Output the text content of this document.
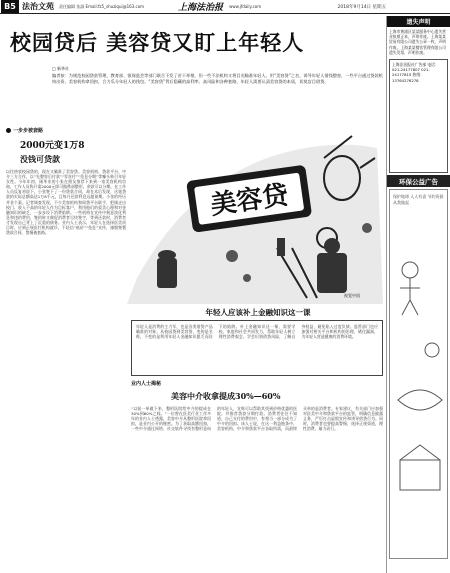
B5 法治文苑 责任编辑 张淑 Email:fz5_shuziqui@163.com	上海法治报 www.jfdaily.com	2018年9月14日 星期五
校园贷后 美容贷又盯上年轻人
□ 新华社
编者按：为规范校园贷款管理，教育部、银保监会等部门联合下发了若干举措，但一些不法机构又将目光瞄准年轻人，用“美容贷”之名，诱导年轻人借钱整容，一些平台通过贷款机构出资，美容机构拿回扣，合力瓜分年轻人的钱包。“美容贷”背后隐藏的高利率、高风险和各种套路，年轻人需要认清美容贷的本质，切莫盲目借贷。
一步步被套路
2000元变1万8
没钱可贷款
以往热衷校园贷的，现在又瞄准了美容贷。美容机构、贷款平台、中介三方合作，以“先整容后付款”“零首付”“免息分期”等噱头吸引年轻女性。今年年初，刚毕业的小张在朋友推荐下来到一家美容机构咨询，工作人员称只需2000元即可做鼻部整形，余款可以分期。在工作人员反复劝说下，小张签下了一份贷款合同，却在术后发现，这笔贷款的实际总额高达1万8千元，且每月还款利息远超预期。小张的经历并非个案。记者调查发现，不少美容机构和网贷平台联手，把刚走出校门、收入不高的年轻人作为目标客户，利用他们的爱美心理和对金融知识的缺乏，一步步设下消费陷阱。一些机构在宣传中刻意淡化利息和违约费用，签约时又催促消费者尽快签字，等到还款时，消费者才发现自己背上了沉重的债务。业内人士表示，年轻人在选择医美项目时，应到正规医疗机构就诊，不轻信“低价”“免息”宣传，谨慎签署贷款合同，警惕被套路。
美容贷
视觉中国
年轻人应该补上金融知识这一课
年轻人是消费的主力军，也是各类借贷产品瞄准的对象。从校园贷到美容贷，变的是名称，不变的是利用年轻人金融知识匮乏而设下的陷阱。补上金融知识这一课，需要学校、家庭和社会共同发力，帮助年轻人树立理性消费观念，学会识别借贷风险，了解自身权益，避免陷入过度负债。监管部门也应加强对相关平台和机构的治理，堵住漏洞，为年轻人营造健康的消费环境。
业内人士揭秘
美容中介收拿提成30%—60%
“以前一单做下来，整形医院给中介的提成在30%到60%之间。”一位曾在医美行业工作多年的业内人士透露，美容中介从整形医院拿回扣，是业内公开的秘密。为了获取高额回扣，一些中介通过网络、社交软件寻找有整形意向的年轻人，宣称可以帮助其找到价格优惠的医院，并推荐贷款分期付款。消费者往往不知道，自己支付的费用中，有相当一部分成为了中介的回扣。该人士说，在这一利益链条中，美容机构、中介和贷款平台各取所需，而最终买单的是消费者。专家建议，有关部门应加强对医美中介和贷款平台的监管，明确信息披露义务，严厉打击虚假宣传和诱导借贷行为。同时，消费者也要提高警惕，选择正规渠道，理性消费，量力而行。
遗失声明
上海市黄浦区某某服务中心遗失营业执照正本，声明作废。上海某某贸易有限公司遗失公章一枚，声明作废。上海某某餐饮管理有限公司遗失发票，声明作废。
上海法治报社广告部 电话：021-24177807 021-24177815 热线：13764276278
环保公益广告
保护地球 人人有责 节约资源 从我做起
